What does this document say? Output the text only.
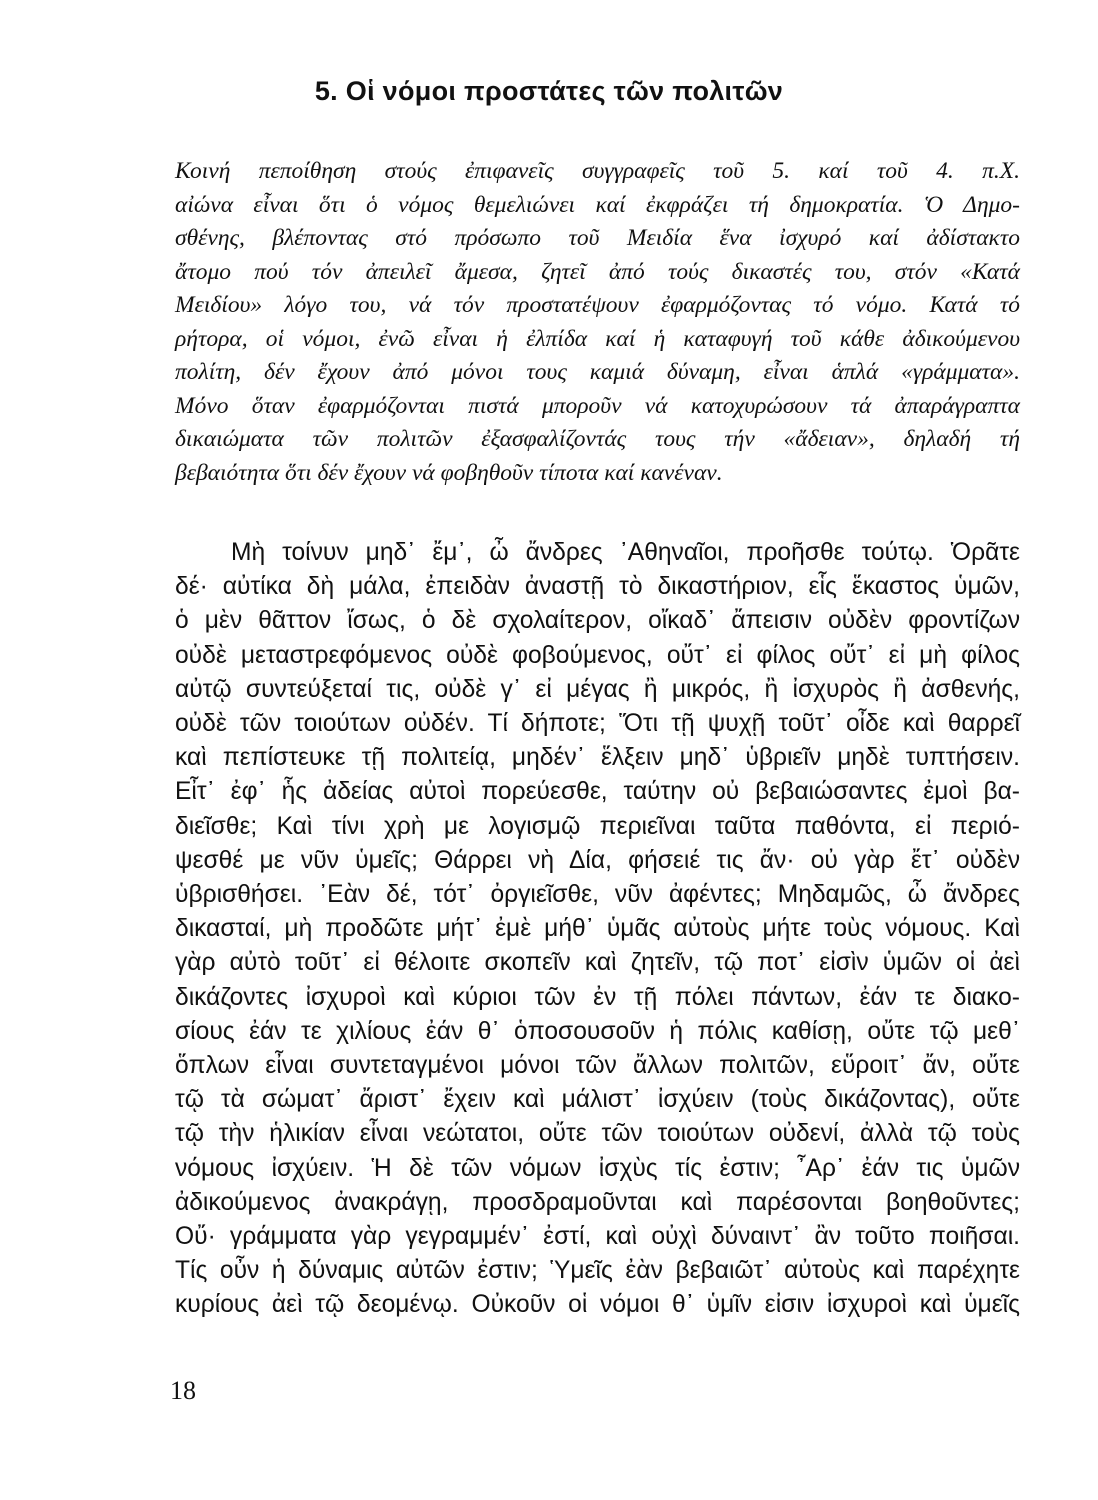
5. Οἱ νόμοι προστάτες τῶν πολιτῶν
Κοινή πεποίθηση στούς ἐπιφανεῖς συγγραφεῖς τοῦ 5. καί τοῦ 4. π.Χ.
αἰώνα εἶναι ὅτι ὁ νόμος θεμελιώνει καί ἐκφράζει τή δημοκρατία. Ὁ Δημο-
σθένης, βλέποντας στό πρόσωπο τοῦ Μειδία ἕνα ἰσχυρό καί ἀδίστακτο
ἄτομο πού τόν ἀπειλεῖ ἄμεσα, ζητεῖ ἀπό τούς δικαστές του, στόν «Κατά
Μειδίου» λόγο του, νά τόν προστατέψουν ἐφαρμόζοντας τό νόμο. Κατά τό
ρήτορα, οἱ νόμοι, ἐνῶ εἶναι ἡ ἐλπίδα καί ἡ καταφυγή τοῦ κάθε ἀδικούμενου
πολίτη, δέν ἔχουν ἀπό μόνοι τους καμιά δύναμη, εἶναι ἁπλά «γράμματα».
Μόνο ὅταν ἐφαρμόζονται πιστά μποροῦν νά κατοχυρώσουν τά ἀπαράγραπτα
δικαιώματα τῶν πολιτῶν ἐξασφαλίζοντάς τους τήν «ἄδειαν», δηλαδή τή
βεβαιότητα ὅτι δέν ἔχουν νά φοβηθοῦν τίποτα καί κανέναν.
Μὴ τοίνυν μηδ᾿ ἔμ᾿, ὦ ἄνδρες ᾿Αθηναῖοι, προῆσθε τούτῳ. Ὁρᾶτε
δέ· αὐτίκα δὴ μάλα, ἐπειδὰν ἀναστῇ τὸ δικαστήριον, εἷς ἕκαστος ὑμῶν,
ὁ μὲν θᾶττον ἴσως, ὁ δὲ σχολαίτερον, οἴκαδ᾿ ἄπεισιν οὐδὲν φροντίζων
οὐδὲ μεταστρεφόμενος οὐδὲ φοβούμενος, οὔτ᾿ εἰ φίλος οὔτ᾿ εἰ μὴ φίλος
αὐτῷ συντεύξεταί τις, οὐδὲ γ᾿ εἰ μέγας ἢ μικρός, ἢ ἰσχυρὸς ἢ ἀσθενής,
οὐδὲ τῶν τοιούτων οὐδέν. Τί δήποτε; Ὅτι τῇ ψυχῇ τοῦτ᾿ οἶδε καὶ θαρρεῖ
καὶ πεπίστευκε τῇ πολιτείᾳ, μηδέν᾿ ἕλξειν μηδ᾿ ὑβριεῖν μηδὲ τυπτήσειν.
Εἶτ᾿ ἐφ᾿ ἧς ἀδείας αὐτοὶ πορεύεσθε, ταύτην οὐ βεβαιώσαντες ἐμοὶ βα-
διεῖσθε; Καὶ τίνι χρὴ με λογισμῷ περιεῖναι ταῦτα παθόντα, εἰ περιό-
ψεσθέ με νῦν ὑμεῖς; Θάρρει νὴ Δία, φήσειέ τις ἄν· οὐ γὰρ ἔτ᾿ οὐδὲν
ὑβρισθήσει. ᾿Εὰν δέ, τότ᾿ ὀργιεῖσθε, νῦν ἀφέντες; Μηδαμῶς, ὦ ἄνδρες
δικασταί, μὴ προδῶτε μήτ᾿ ἐμὲ μήθ᾿ ὑμᾶς αὐτοὺς μήτε τοὺς νόμους. Καὶ
γὰρ αὐτὸ τοῦτ᾿ εἰ θέλοιτε σκοπεῖν καὶ ζητεῖν, τῷ ποτ᾿ εἰσὶν ὑμῶν οἱ ἀεὶ
δικάζοντες ἰσχυροὶ καὶ κύριοι τῶν ἐν τῇ πόλει πάντων, ἐάν τε διακο-
σίους ἐάν τε χιλίους ἐάν θ᾿ ὁποσουσοῦν ἡ πόλις καθίσῃ, οὔτε τῷ μεθ᾿
ὅπλων εἶναι συντεταγμένοι μόνοι τῶν ἄλλων πολιτῶν, εὕροιτ᾿ ἄν, οὔτε
τῷ τὰ σώματ᾿ ἄριστ᾿ ἔχειν καὶ μάλιστ᾿ ἰσχύειν (τοὺς δικάζοντας), οὔτε
τῷ τὴν ἡλικίαν εἶναι νεώτατοι, οὔτε τῶν τοιούτων οὐδενί, ἀλλὰ τῷ τοὺς
νόμους ἰσχύειν. Ἡ δὲ τῶν νόμων ἰσχὺς τίς ἐστιν; ῏Αρ᾿ ἐάν τις ὑμῶν
ἀδικούμενος ἀνακράγῃ, προσδραμοῦνται καὶ παρέσονται βοηθοῦντες;
Οὔ· γράμματα γὰρ γεγραμμέν᾿ ἐστί, καὶ οὐχὶ δύναιντ᾿ ἂν τοῦτο ποιῆσαι.
Τίς οὖν ἡ δύναμις αὐτῶν ἐστιν; Ὑμεῖς ἐὰν βεβαιῶτ᾿ αὐτοὺς καὶ παρέχητε
κυρίους ἀεὶ τῷ δεομένῳ. Οὐκοῦν οἱ νόμοι θ᾿ ὑμῖν εἰσιν ἰσχυροὶ καὶ ὑμεῖς
18
